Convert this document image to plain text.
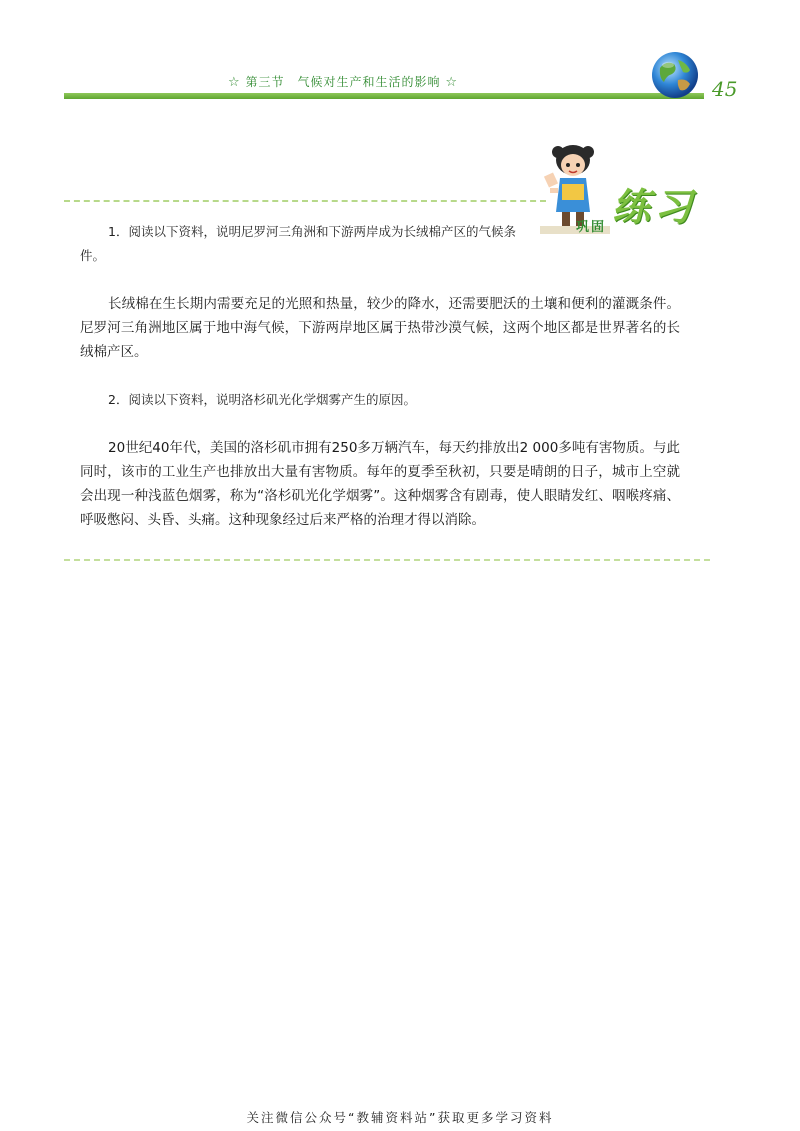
☆ 第三节　气候对生产和生活的影响 ☆	45
巩固 练习

1．阅读以下资料，说明尼罗河三角洲和下游两岸成为长绒棉产区的气候条件。

长绒棉在生长期内需要充足的光照和热量，较少的降水，还需要肥沃的土壤和便利的灌溉条件。尼罗河三角洲地区属于地中海气候，下游两岸地区属于热带沙漠气候，这两个地区都是世界著名的长绒棉产区。

2．阅读以下资料，说明洛杉矶光化学烟雾产生的原因。

20世纪40年代，美国的洛杉矶市拥有250多万辆汽车，每天约排放出2 000多吨有害物质。与此同时，该市的工业生产也排放出大量有害物质。每年的夏季至秋初，只要是晴朗的日子，城市上空就会出现一种浅蓝色烟雾，称为“洛杉矶光化学烟雾”。这种烟雾含有剧毒，使人眼睛发红、咽喉疼痛、呼吸憋闷、头昏、头痛。这种现象经过后来严格的治理才得以消除。

关注微信公众号“教辅资料站”获取更多学习资料
